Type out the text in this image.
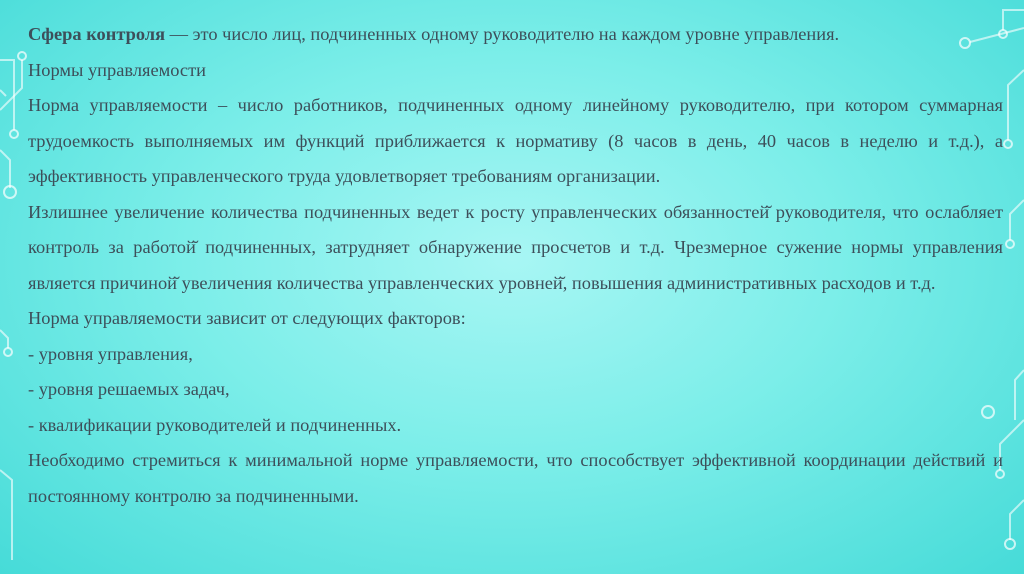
Сфера контроля — это число лиц, подчиненных одному руководителю на каждом уровне управления.

Нормы управляемости

Норма управляемости – число работников, подчиненных одному линейному руководителю, при котором суммарная трудоемкость выполняемых им функций приближается к нормативу (8 часов в день, 40 часов в неделю и т.д.), а эффективность управленческого труда удовлетворяет требованиям организации.

Излишнее увеличение количества подчиненных ведет к росту управленческих обязанностей̆ руководителя, что ослабляет контроль за работой̆ подчиненных, затрудняет обнаружение просчетов и т.д. Чрезмерное сужение нормы управления является причиной̆ увеличения количества управленческих уровней̆, повышения административных расходов и т.д.

Норма управляемости зависит от следующих факторов:

- уровня управления,

- уровня решаемых задач,

- квалификации руководителей и подчиненных.

Необходимо стремиться к минимальной норме управляемости, что способствует эффективной координации действий и постоянному контролю за подчиненными.
